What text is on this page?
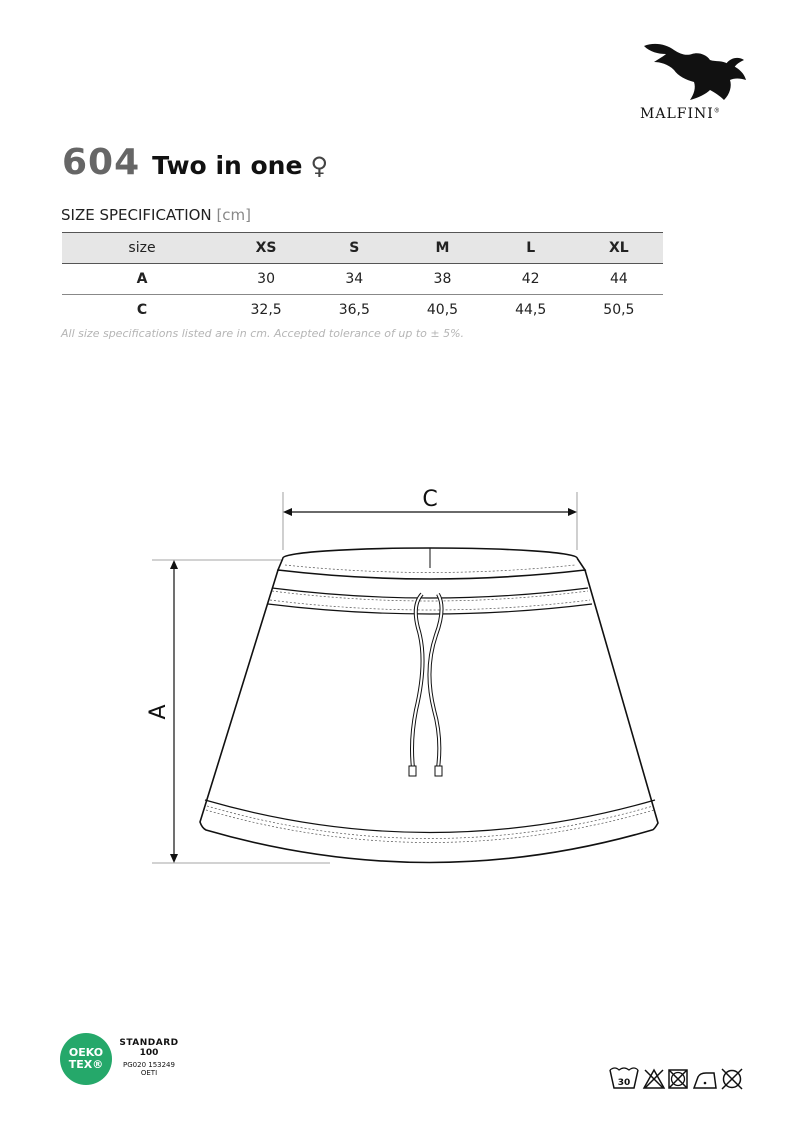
MALFINI®
604 Two in one ♀
SIZE SPECIFICATION [cm]
size	XS	S	M	L	XL
A	30	34	38	42	44
C	32,5	36,5	40,5	44,5	50,5
All size specifications listed are in cm. Accepted tolerance of up to ± 5%.
C
A
OEKO
TEX®
STANDARD
100
PG020 153249
OETI
30
